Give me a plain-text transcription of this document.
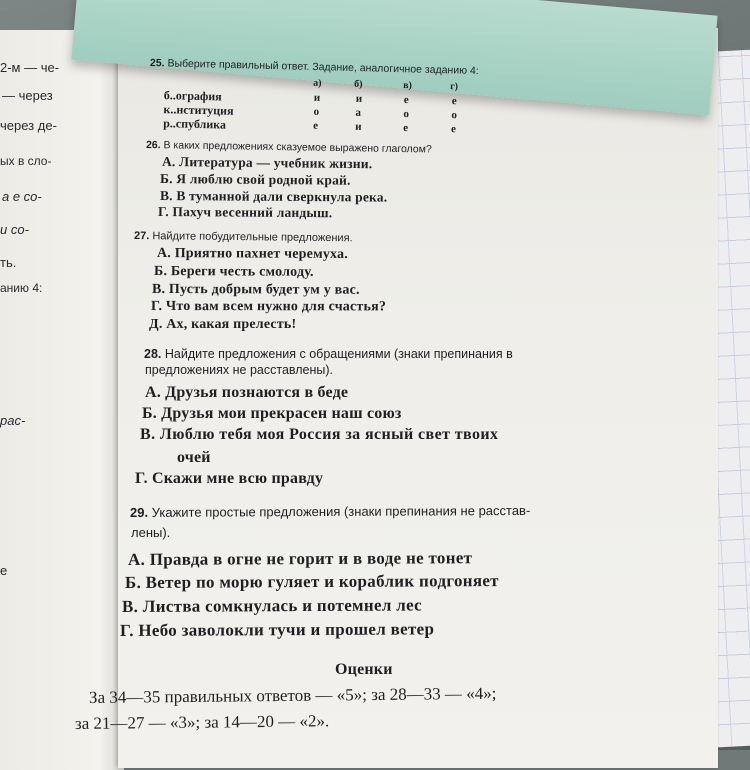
2-м — че-
— через
через де-
ых в сло-
а е со-
и со-
ть.
анию 4:
рас-
е
25. Выберите правильный ответ. Задание, аналогичное заданию 4:
а)	б)	в)	г)
б..ография	и	и	е	е
к..нституция	о	а	о	о
р..спублика	е	и	е	е
26. В каких предложениях сказуемое выражено глаголом?
А. Литература — учебник жизни.
Б. Я люблю свой родной край.
В. В туманной дали сверкнула река.
Г. Пахуч весенний ландыш.
27. Найдите побудительные предложения.
А. Приятно пахнет черемуха.
Б. Береги честь смолоду.
В. Пусть добрым будет ум у вас.
Г. Что вам всем нужно для счастья?
Д. Ах, какая прелесть!
28. Найдите предложения с обращениями (знаки препинания в
предложениях не расставлены).
А. Друзья познаются в беде
Б. Друзья мои прекрасен наш союз
В. Люблю тебя моя Россия за ясный свет твоих
очей
Г. Скажи мне всю правду
29. Укажите простые предложения (знаки препинания не расстав-
лены).
А. Правда в огне не горит и в воде не тонет
Б. Ветер по морю гуляет и кораблик подгоняет
В. Листва сомкнулась и потемнел лес
Г. Небо заволокли тучи и прошел ветер
Оценки
За 34—35 правильных ответов — «5»; за 28—33 — «4»;
за 21—27 — «3»; за 14—20 — «2».
